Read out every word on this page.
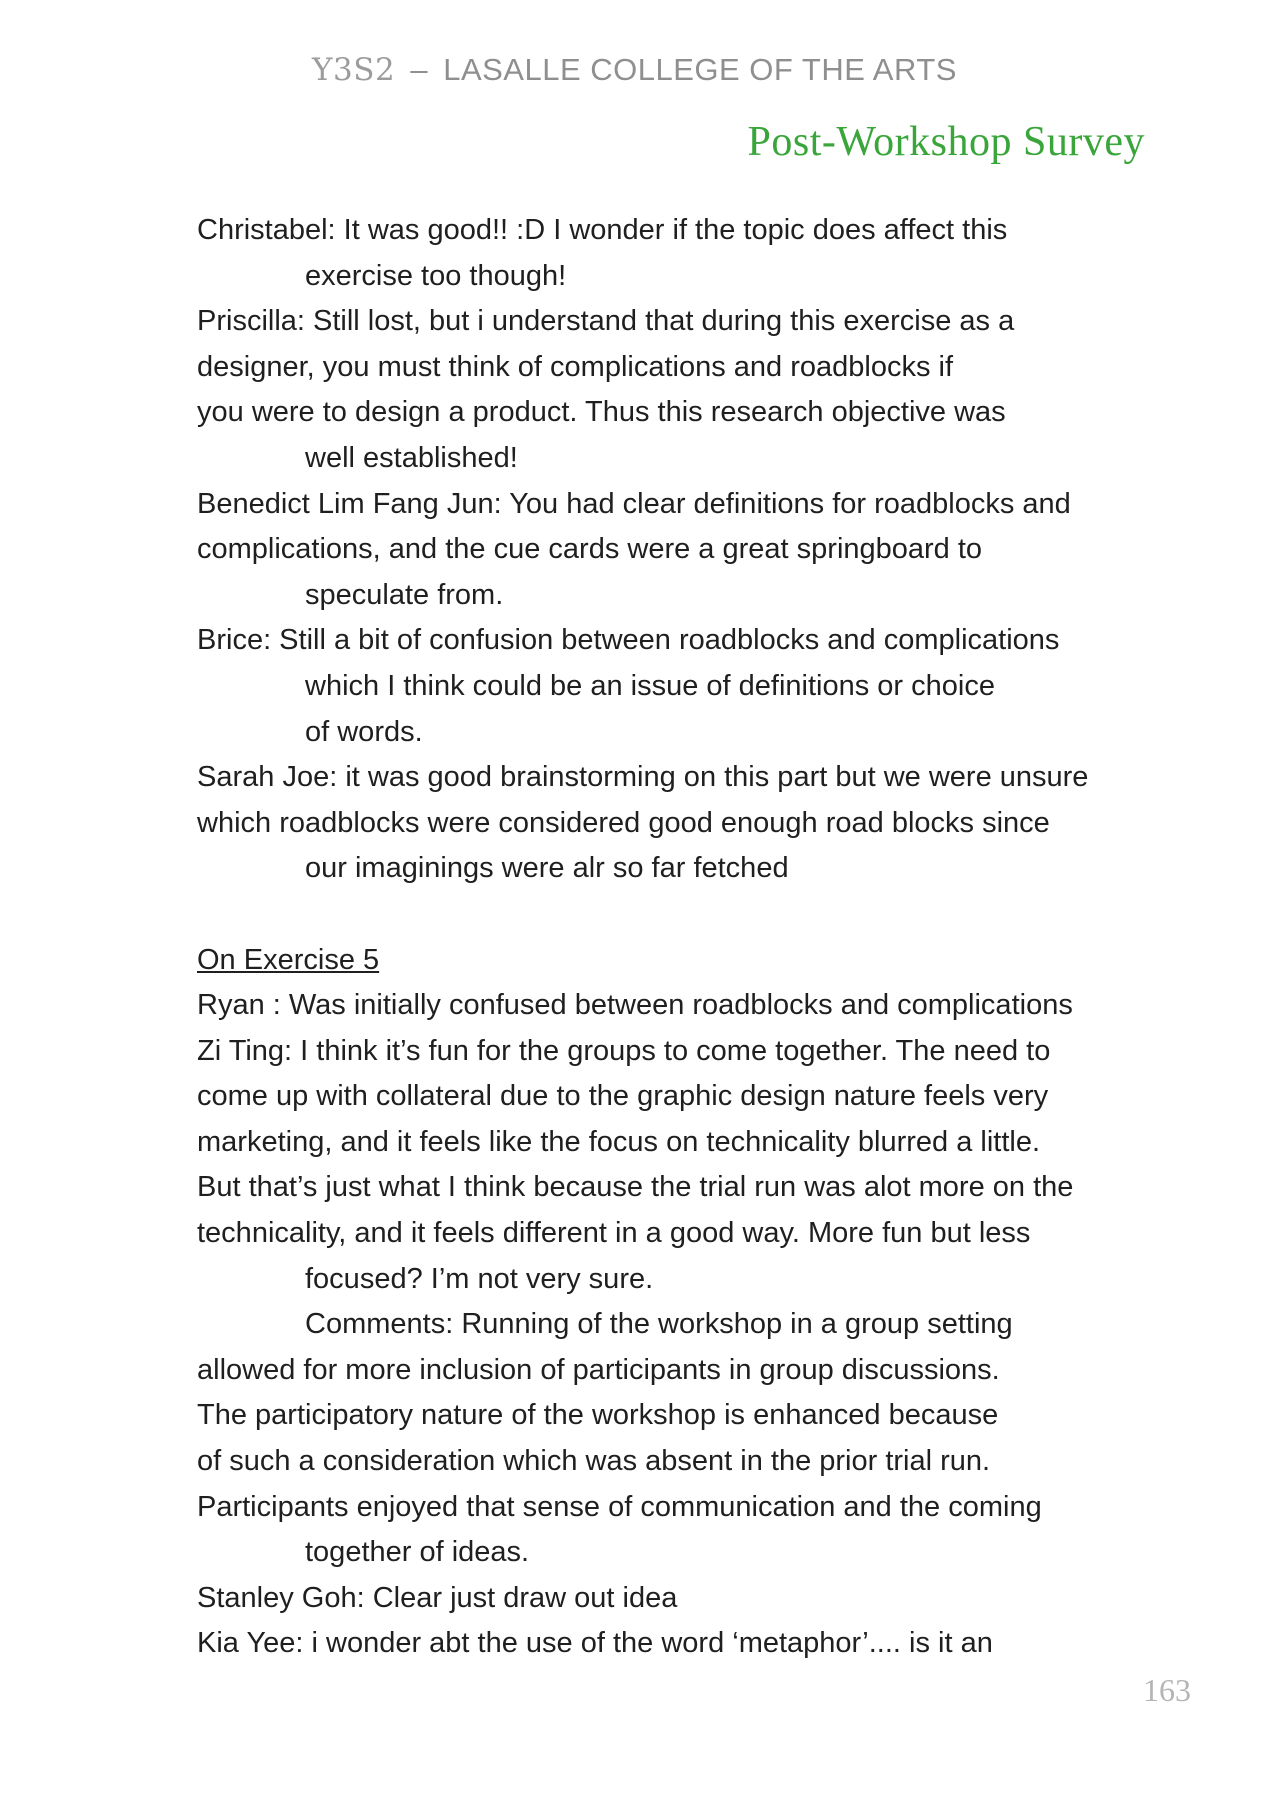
Y3S2 – LASALLE COLLEGE OF THE ARTS
Post-Workshop Survey
Christabel: It was good!! :D I wonder if the topic does affect this
exercise too though!
Priscilla: Still lost, but i understand that during this exercise as a
designer, you must think of complications and roadblocks if
you were to design a product. Thus this research objective was
well established!
Benedict Lim Fang Jun: You had clear definitions for roadblocks and
complications, and the cue cards were a great springboard to
speculate from.
Brice: Still a bit of confusion between roadblocks and complications
which I think could be an issue of definitions or choice
of words.
Sarah Joe: it was good brainstorming on this part but we were unsure
which roadblocks were considered good enough road blocks since
our imaginings were alr so far fetched
On Exercise 5
Ryan : Was initially confused between roadblocks and complications
Zi Ting: I think it’s fun for the groups to come together. The need to
come up with collateral due to the graphic design nature feels very
marketing, and it feels like the focus on technicality blurred a little.
But that’s just what I think because the trial run was alot more on the
technicality, and it feels different in a good way. More fun but less
focused? I’m not very sure.
Comments: Running of the workshop in a group setting
allowed for more inclusion of participants in group discussions.
The participatory nature of the workshop is enhanced because
of such a consideration which was absent in the prior trial run.
Participants enjoyed that sense of communication and the coming
together of ideas.
Stanley Goh: Clear just draw out idea
Kia Yee: i wonder abt the use of the word ‘metaphor’.... is it an
163
